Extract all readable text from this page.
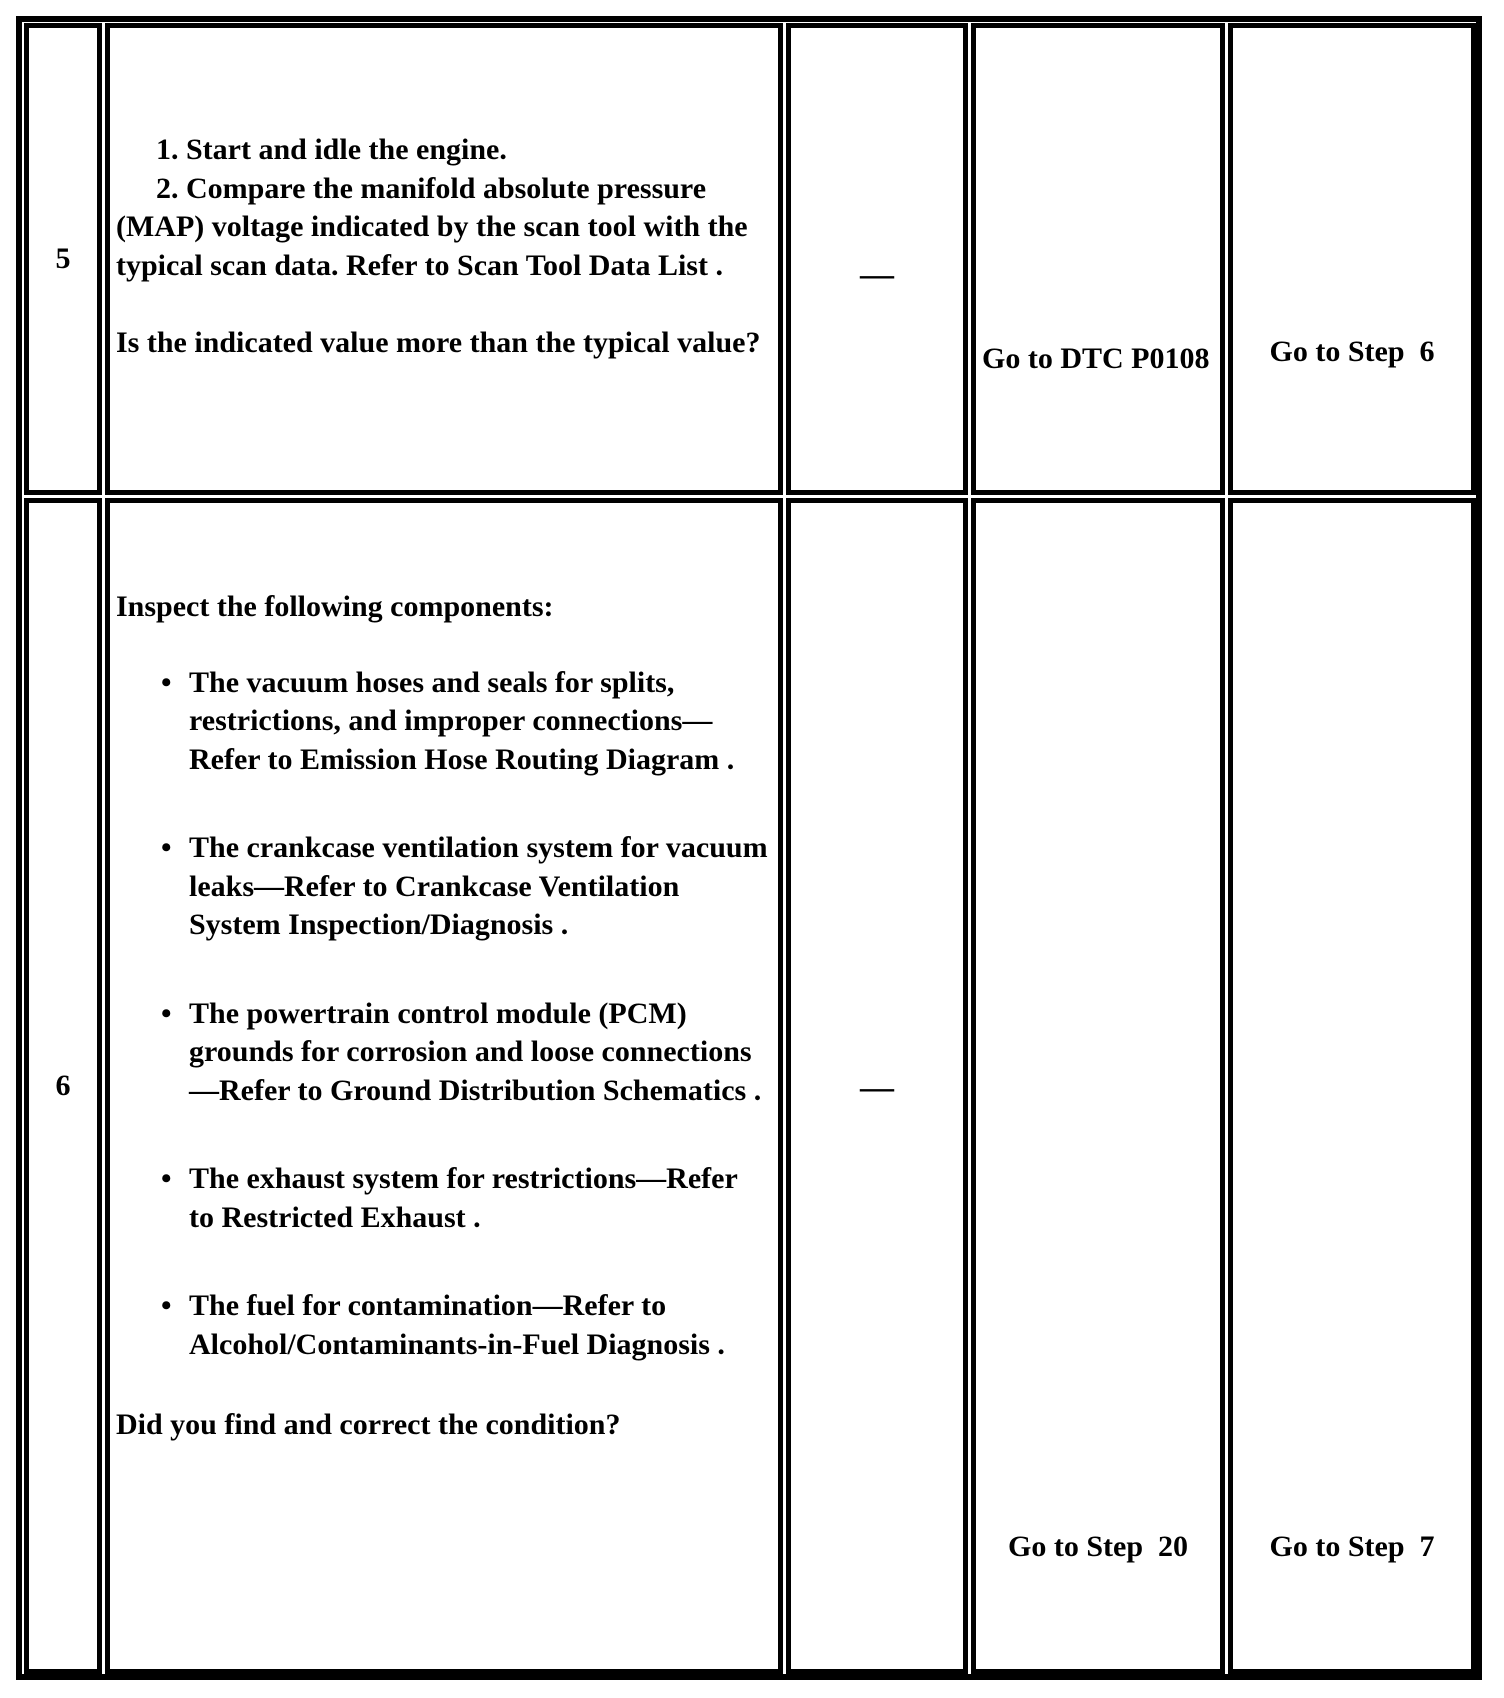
5
1. Start and idle the engine.
2. Compare the manifold absolute pressure (MAP) voltage indicated by the scan tool with the typical scan data. Refer to Scan Tool Data List .
Is the indicated value more than the typical value?
—
Go to DTC P0108	Go to Step  6
6
Inspect the following components:
• The vacuum hoses and seals for splits, restrictions, and improper connections—Refer to Emission Hose Routing Diagram .
• The crankcase ventilation system for vacuum leaks—Refer to Crankcase Ventilation System Inspection/Diagnosis .
• The powertrain control module (PCM) grounds for corrosion and loose connections—Refer to Ground Distribution Schematics .
• The exhaust system for restrictions—Refer to Restricted Exhaust .
• The fuel for contamination—Refer to Alcohol/Contaminants-in-Fuel Diagnosis .
Did you find and correct the condition?
—
Go to Step  20	Go to Step  7
